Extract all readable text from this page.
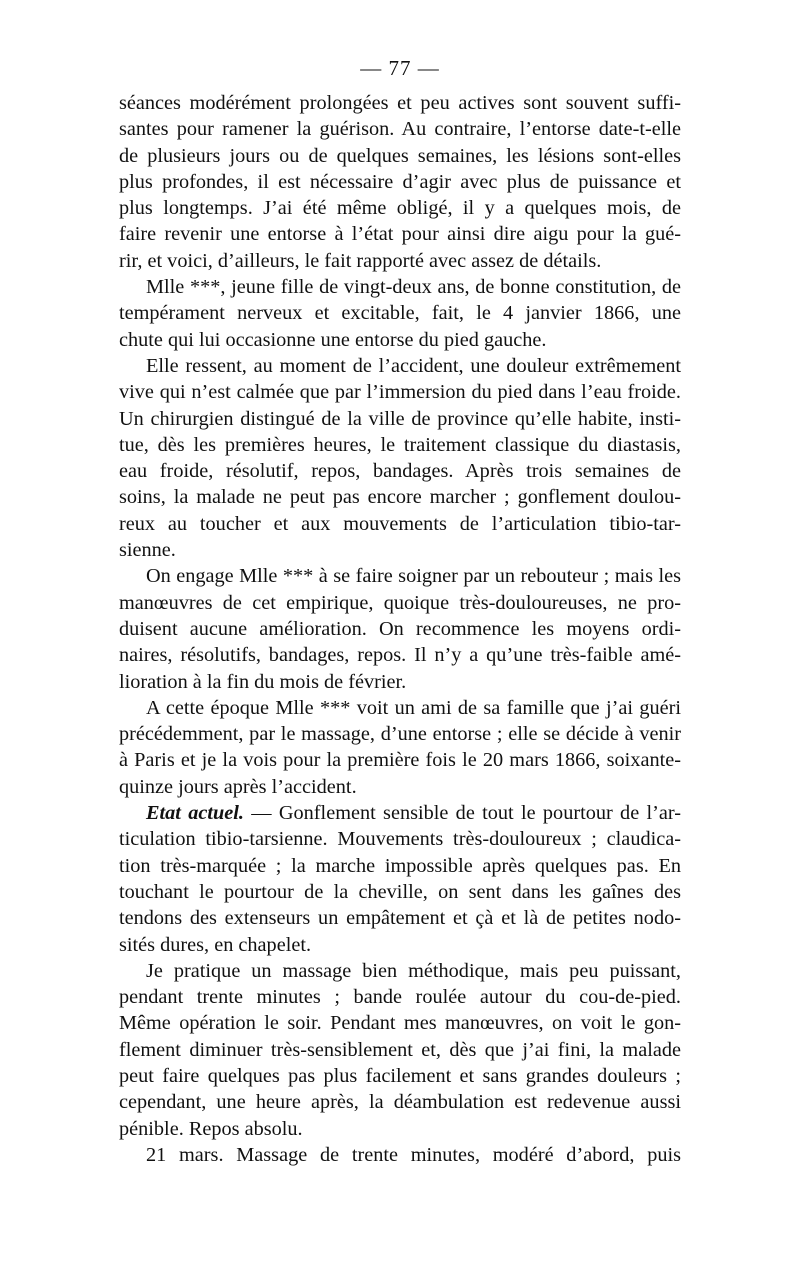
— 77 —
séances modérément prolongées et peu actives sont souvent suffi-
santes pour ramener la guérison. Au contraire, l’entorse date-t-elle
de plusieurs jours ou de quelques semaines, les lésions sont-elles
plus profondes, il est nécessaire d’agir avec plus de puissance et
plus longtemps. J’ai été même obligé, il y a quelques mois, de
faire revenir une entorse à l’état pour ainsi dire aigu pour la gué-
rir, et voici, d’ailleurs, le fait rapporté avec assez de détails.
Mlle ***, jeune fille de vingt-deux ans, de bonne constitution, de
tempérament nerveux et excitable, fait, le 4 janvier 1866, une
chute qui lui occasionne une entorse du pied gauche.
Elle ressent, au moment de l’accident, une douleur extrêmement
vive qui n’est calmée que par l’immersion du pied dans l’eau froide.
Un chirurgien distingué de la ville de province qu’elle habite, insti-
tue, dès les premières heures, le traitement classique du diastasis,
eau froide, résolutif, repos, bandages. Après trois semaines de
soins, la malade ne peut pas encore marcher ; gonflement doulou-
reux au toucher et aux mouvements de l’articulation tibio-tar-
sienne.
On engage Mlle *** à se faire soigner par un rebouteur ; mais les
manœuvres de cet empirique, quoique très-douloureuses, ne pro-
duisent aucune amélioration. On recommence les moyens ordi-
naires, résolutifs, bandages, repos. Il n’y a qu’une très-faible amé-
lioration à la fin du mois de février.
A cette époque Mlle *** voit un ami de sa famille que j’ai guéri
précédemment, par le massage, d’une entorse ; elle se décide à venir
à Paris et je la vois pour la première fois le 20 mars 1866, soixante-
quinze jours après l’accident.
Etat actuel. — Gonflement sensible de tout le pourtour de l’ar-
ticulation tibio-tarsienne. Mouvements très-douloureux ; claudica-
tion très-marquée ; la marche impossible après quelques pas. En
touchant le pourtour de la cheville, on sent dans les gaînes des
tendons des extenseurs un empâtement et çà et là de petites nodo-
sités dures, en chapelet.
Je pratique un massage bien méthodique, mais peu puissant,
pendant trente minutes ; bande roulée autour du cou-de-pied.
Même opération le soir. Pendant mes manœuvres, on voit le gon-
flement diminuer très-sensiblement et, dès que j’ai fini, la malade
peut faire quelques pas plus facilement et sans grandes douleurs ;
cependant, une heure après, la déambulation est redevenue aussi
pénible. Repos absolu.
21 mars. Massage de trente minutes, modéré d’abord, puis
